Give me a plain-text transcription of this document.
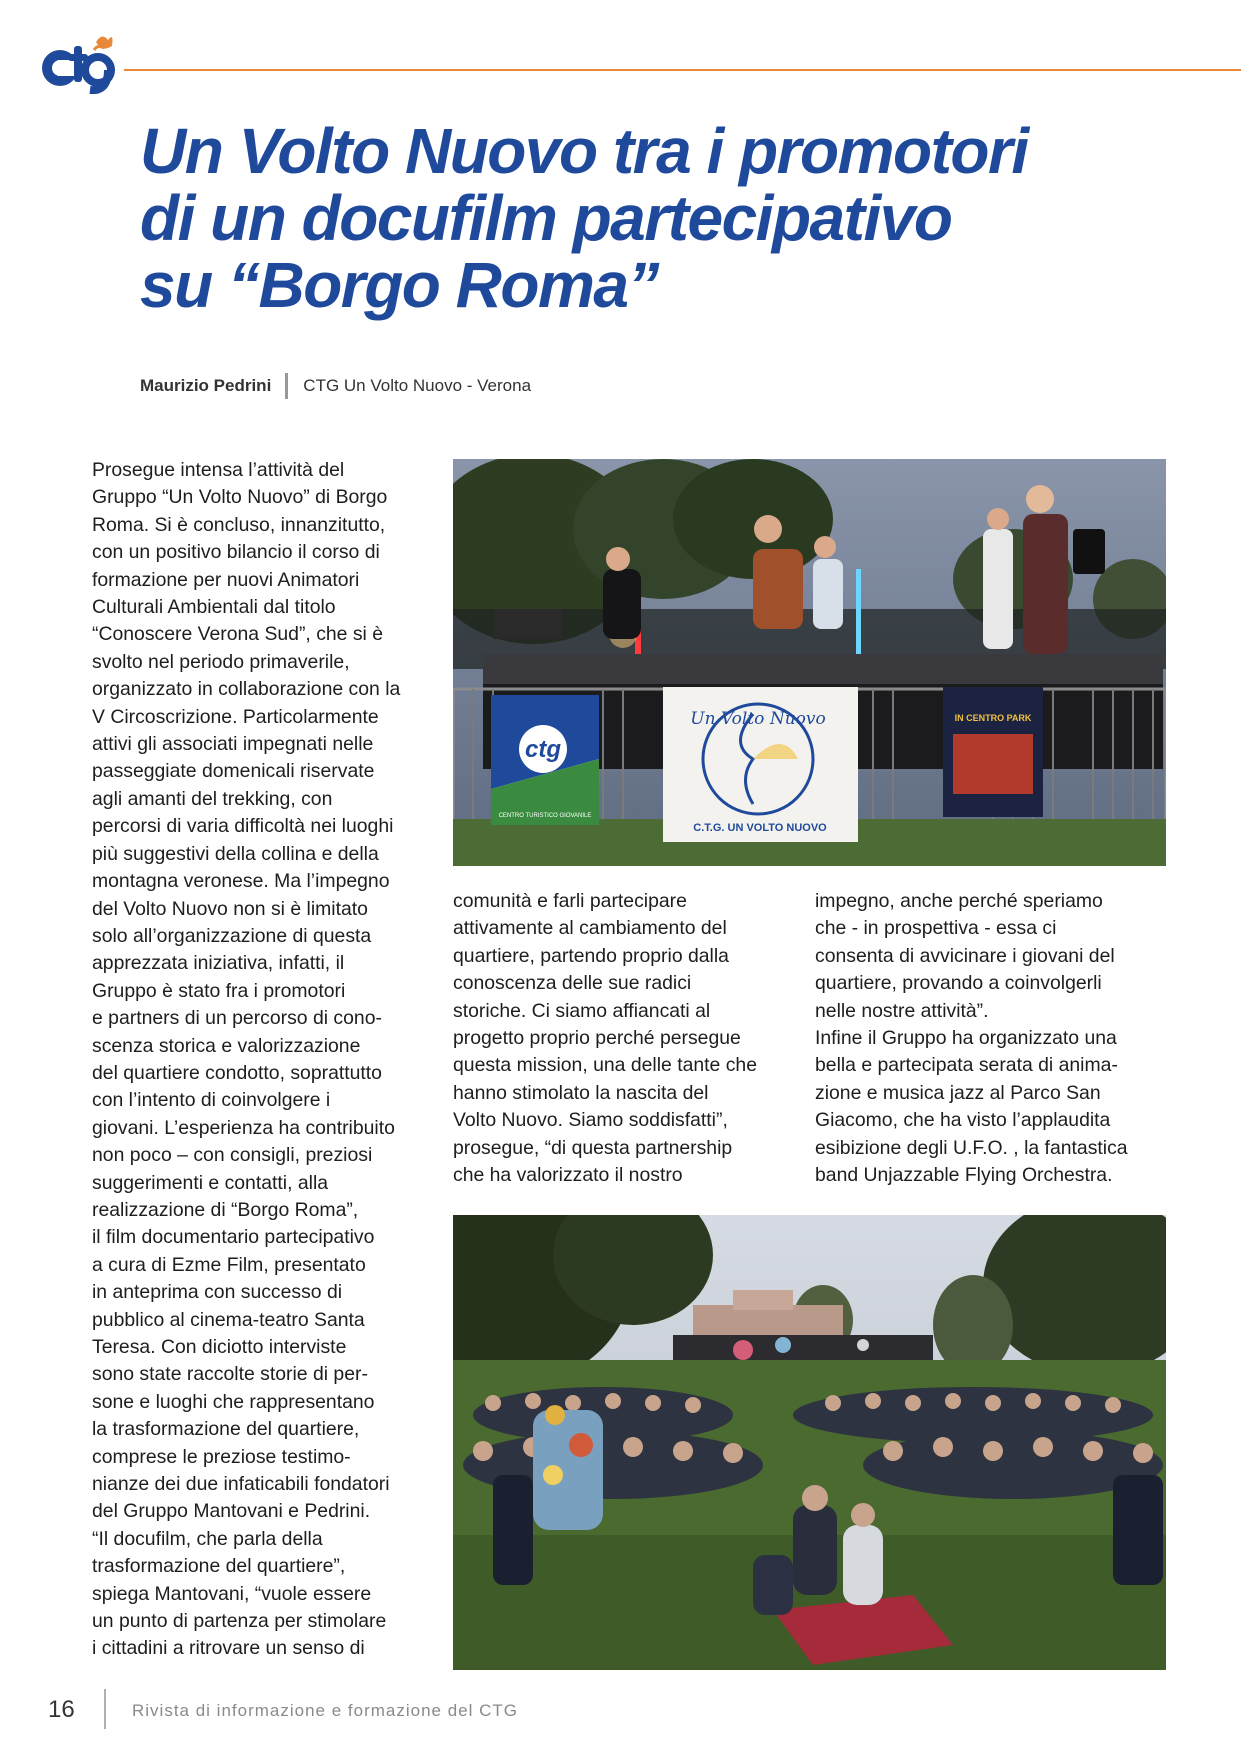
Un Volto Nuovo tra i promotori
di un docufilm partecipativo
su “Borgo Roma”
Maurizio Pedrini CTG Un Volto Nuovo - Verona
Prosegue intensa l’attività del
Gruppo “Un Volto Nuovo” di Borgo
Roma. Si è concluso, innanzitutto,
con un positivo bilancio il corso di
formazione per nuovi Animatori
Culturali Ambientali dal titolo
“Conoscere Verona Sud”, che si è
svolto nel periodo primaverile,
organizzato in collaborazione con la
V Circoscrizione. Particolarmente
attivi gli associati impegnati nelle
passeggiate domenicali riservate
agli amanti del trekking, con
percorsi di varia difficoltà nei luoghi
più suggestivi della collina e della
montagna veronese. Ma l’impegno
del Volto Nuovo non si è limitato
solo all’organizzazione di questa
apprezzata iniziativa, infatti, il
Gruppo è stato fra i promotori
e partners di un percorso di cono-
scenza storica e valorizzazione
del quartiere condotto, soprattutto
con l’intento di coinvolgere i
giovani. L’esperienza ha contribuito
non poco – con consigli, preziosi
suggerimenti e contatti, alla
realizzazione di “Borgo Roma”,
il film documentario partecipativo
a cura di Ezme Film, presentato
in anteprima con successo di
pubblico al cinema-teatro Santa
Teresa. Con diciotto interviste
sono state raccolte storie di per-
sone e luoghi che rappresentano
la trasformazione del quartiere,
comprese le preziose testimo-
nianze dei due infaticabili fondatori
del Gruppo Mantovani e Pedrini.
“Il docufilm, che parla della
trasformazione del quartiere”,
spiega Mantovani, “vuole essere
un punto di partenza per stimolare
i cittadini a ritrovare un senso di
ctg
CENTRO TURISTICO GIOVANILE
Un Volto Nuovo
C.T.G. UN VOLTO NUOVO
IN CENTRO PARK
comunità e farli partecipare
attivamente al cambiamento del
quartiere, partendo proprio dalla
conoscenza delle sue radici
storiche. Ci siamo affiancati al
progetto proprio perché persegue
questa mission, una delle tante che
hanno stimolato la nascita del
Volto Nuovo. Siamo soddisfatti”,
prosegue, “di questa partnership
che ha valorizzato il nostro
impegno, anche perché speriamo
che - in prospettiva - essa ci
consenta di avvicinare i giovani del
quartiere, provando a coinvolgerli
nelle nostre attività”.
Infine il Gruppo ha organizzato una
bella e partecipata serata di anima-
zione e musica jazz al Parco San
Giacomo, che ha visto l’applaudita
esibizione degli U.F.O. , la fantastica
band Unjazzable Flying Orchestra.
16	Rivista di informazione e formazione del CTG
